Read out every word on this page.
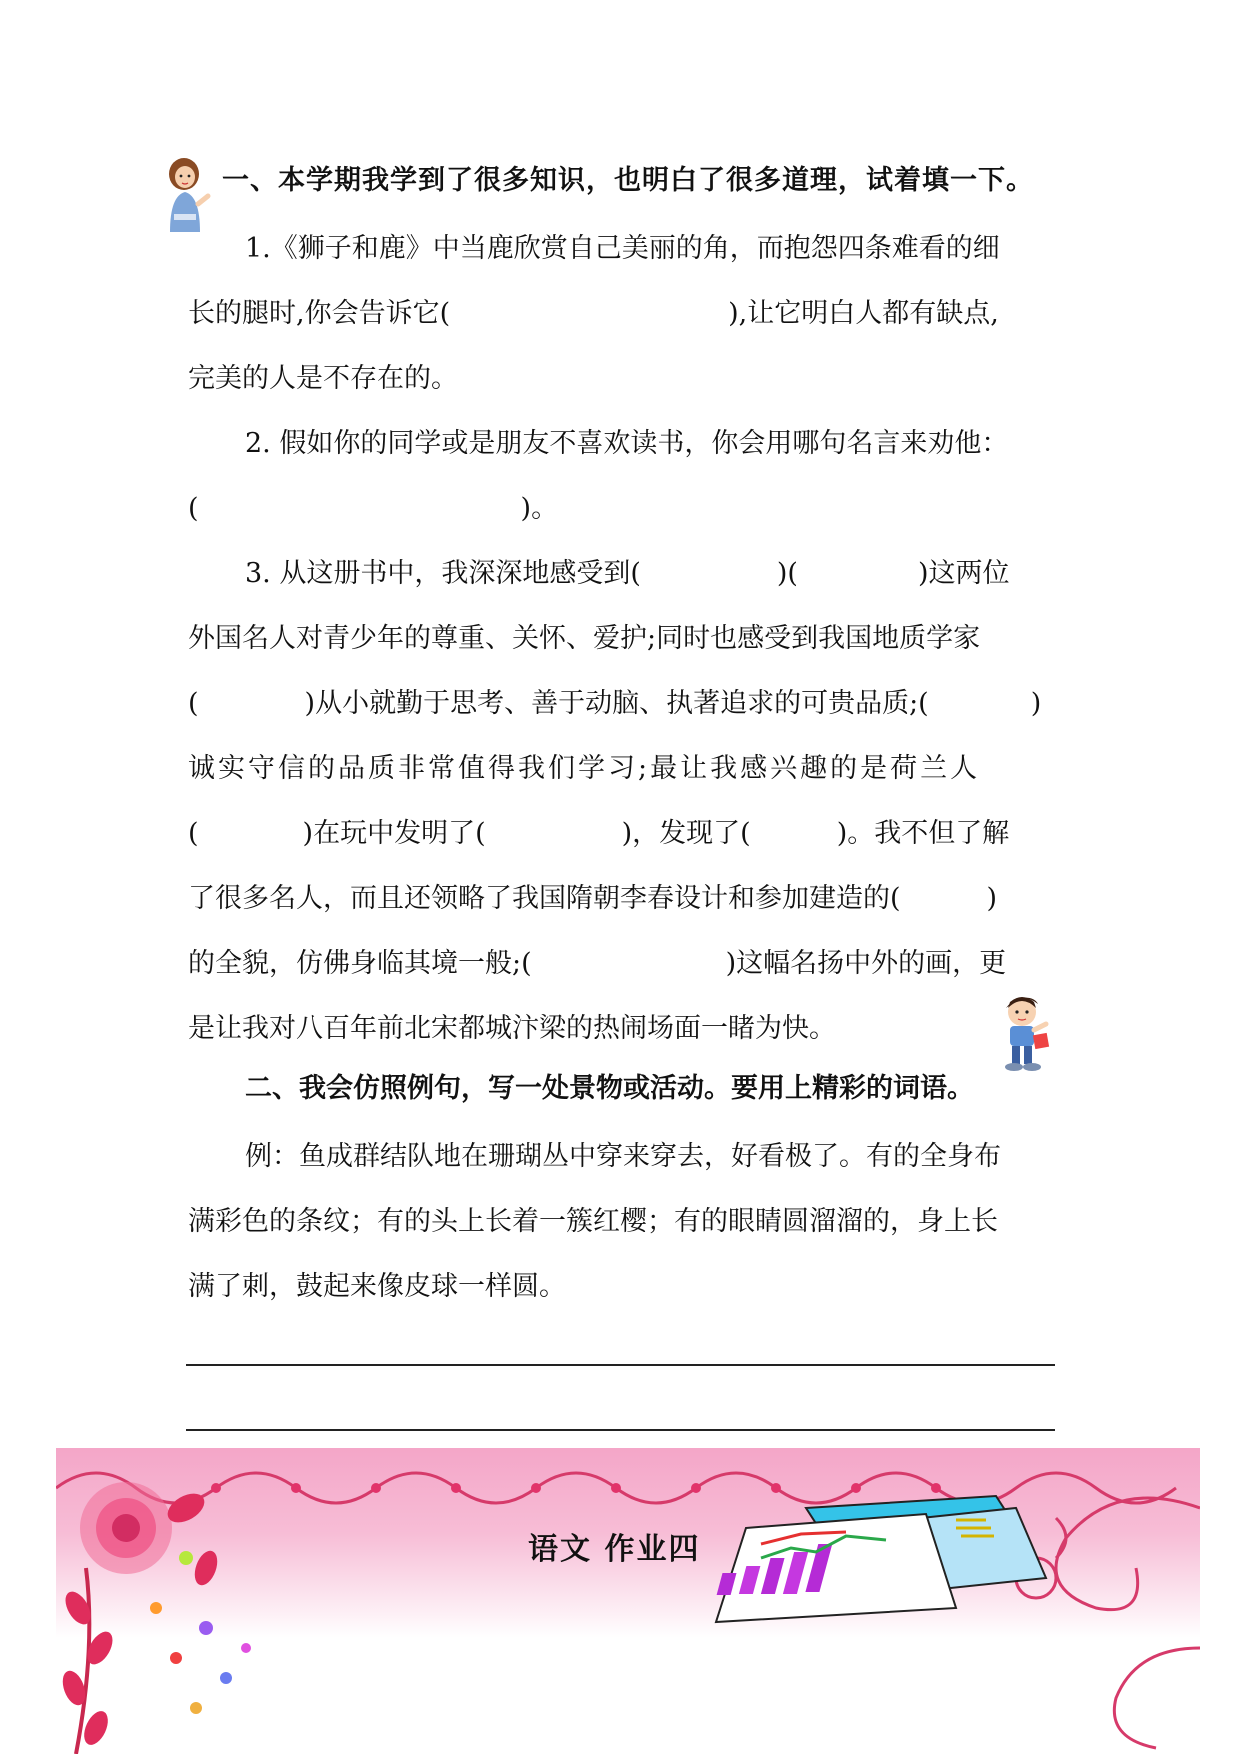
一、本学期我学到了很多知识，也明白了很多道理，试着填一下。
1.《狮子和鹿》中当鹿欣赏自己美丽的角，而抱怨四条难看的细
长的腿时,你会告诉它(	),让它明白人都有缺点,
完美的人是不存在的。
2. 假如你的同学或是朋友不喜欢读书，你会用哪句名言来劝他：
(	)。
3. 从这册书中，我深深地感受到(	)(	)这两位
外国名人对青少年的尊重、关怀、爱护;同时也感受到我国地质学家
(	)从小就勤于思考、善于动脑、执著追求的可贵品质;(	)
诚实守信的品质非常值得我们学习;最让我感兴趣的是荷兰人
(	)在玩中发明了(	)，发现了(	)。我不但了解
了很多名人，而且还领略了我国隋朝李春设计和参加建造的(	)
的全貌，仿佛身临其境一般;(	)这幅名扬中外的画，更
是让我对八百年前北宋都城汴梁的热闹场面一睹为快。
二、我会仿照例句，写一处景物或活动。要用上精彩的词语。
例：鱼成群结队地在珊瑚丛中穿来穿去，好看极了。有的全身布
满彩色的条纹；有的头上长着一簇红樱；有的眼睛圆溜溜的，身上长
满了刺，鼓起来像皮球一样圆。
语文 作业四
